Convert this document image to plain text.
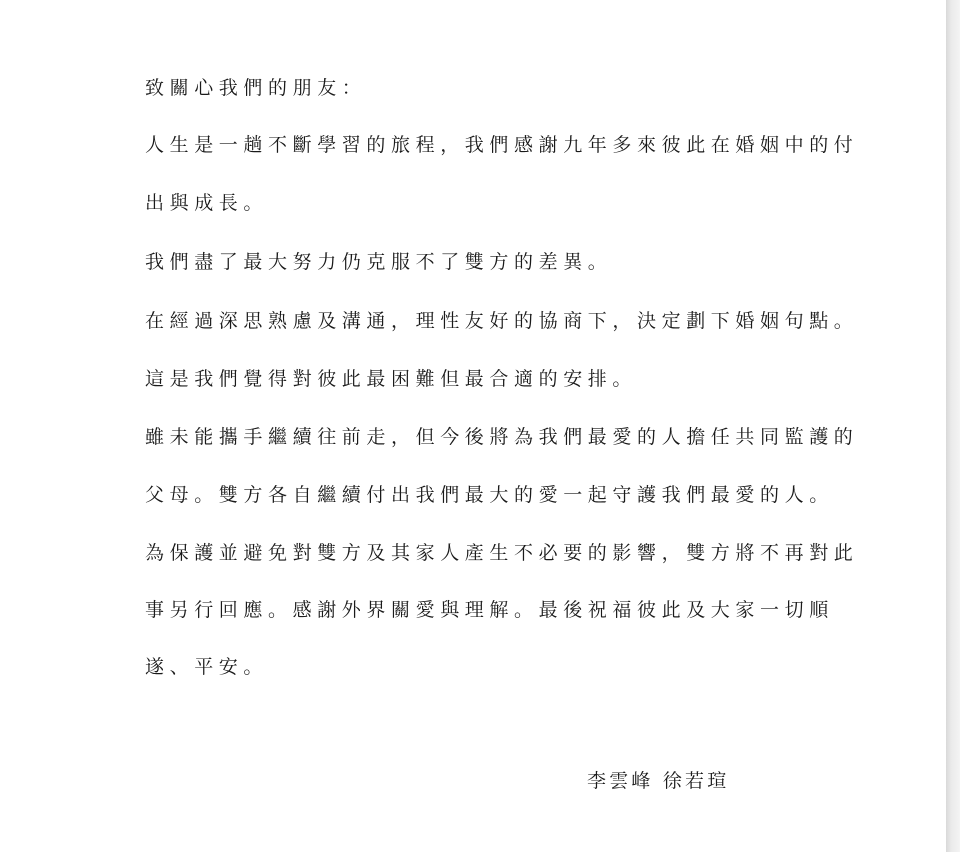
致關心我們的朋友：

人生是一趟不斷學習的旅程，我們感謝九年多來彼此在婚姻中的付

出與成長。

我們盡了最大努力仍克服不了雙方的差異。

在經過深思熟慮及溝通，理性友好的協商下，決定劃下婚姻句點。

這是我們覺得對彼此最困難但最合適的安排。

雖未能攜手繼續往前走，但今後將為我們最愛的人擔任共同監護的

父母。雙方各自繼續付出我們最大的愛一起守護我們最愛的人。

為保護並避免對雙方及其家人產生不必要的影響，雙方將不再對此

事另行回應。感謝外界關愛與理解。最後祝福彼此及大家一切順

遂、平安。

李雲峰 徐若瑄
